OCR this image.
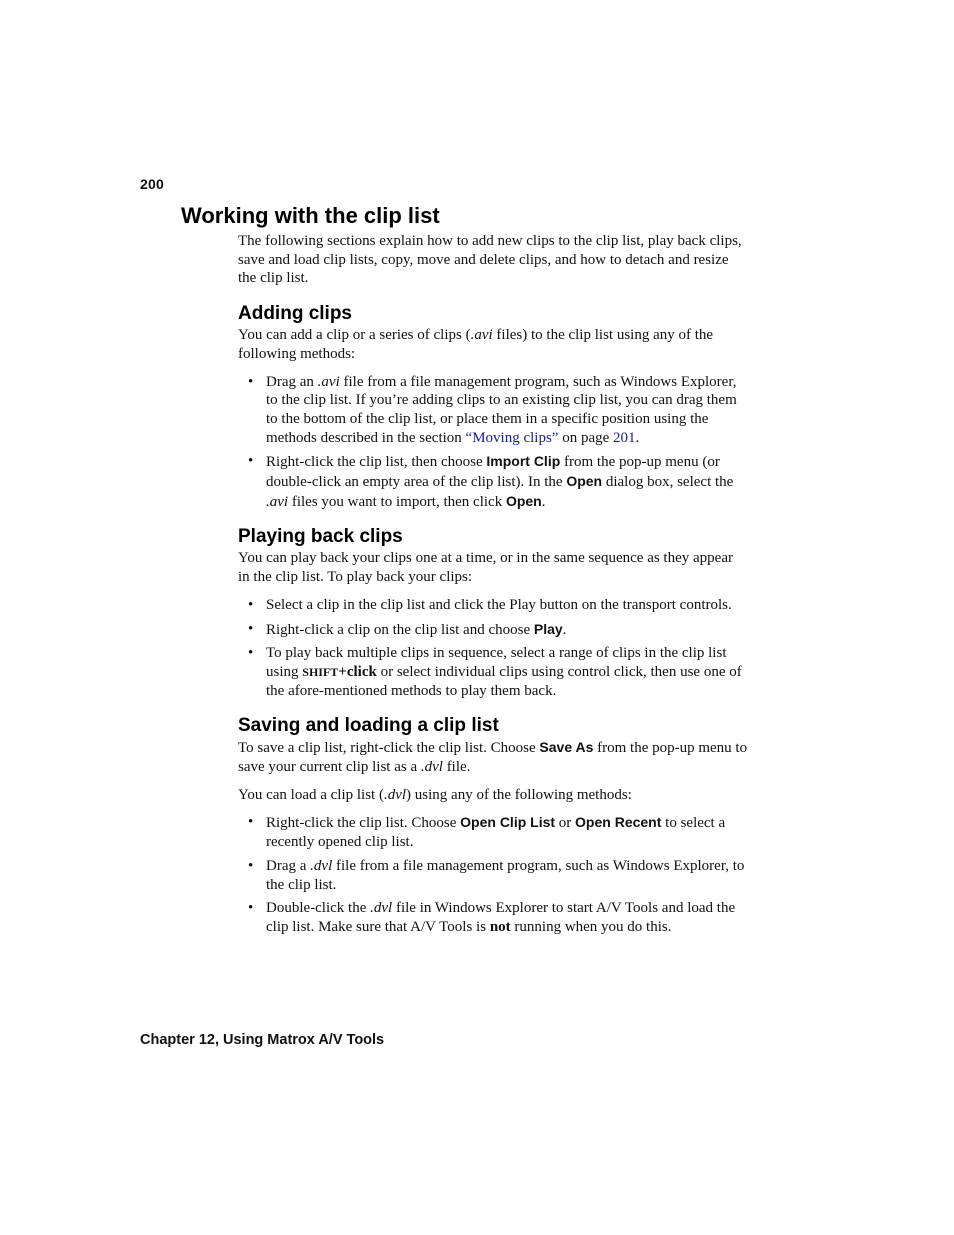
200
Working with the clip list

The following sections explain how to add new clips to the clip list, play back clips, save and load clip lists, copy, move and delete clips, and how to detach and resize the clip list.

Adding clips

You can add a clip or a series of clips (.avi files) to the clip list using any of the following methods:

• Drag an .avi file from a file management program, such as Windows Explorer, to the clip list. If you’re adding clips to an existing clip list, you can drag them to the bottom of the clip list, or place them in a specific position using the methods described in the section “Moving clips” on page 201.
• Right-click the clip list, then choose Import Clip from the pop-up menu (or double-click an empty area of the clip list). In the Open dialog box, select the .avi files you want to import, then click Open.
Playing back clips

You can play back your clips one at a time, or in the same sequence as they appear in the clip list. To play back your clips:

• Select a clip in the clip list and click the Play button on the transport controls.
• Right-click a clip on the clip list and choose Play.
• To play back multiple clips in sequence, select a range of clips in the clip list using SHIFT+click or select individual clips using control click, then use one of the afore-mentioned methods to play them back.
Saving and loading a clip list

To save a clip list, right-click the clip list. Choose Save As from the pop-up menu to save your current clip list as a .dvl file.

You can load a clip list (.dvl) using any of the following methods:

• Right-click the clip list. Choose Open Clip List or Open Recent to select a recently opened clip list.
• Drag a .dvl file from a file management program, such as Windows Explorer, to the clip list.
• Double-click the .dvl file in Windows Explorer to start A/V Tools and load the clip list. Make sure that A/V Tools is not running when you do this.
Chapter 12, Using Matrox A/V Tools
